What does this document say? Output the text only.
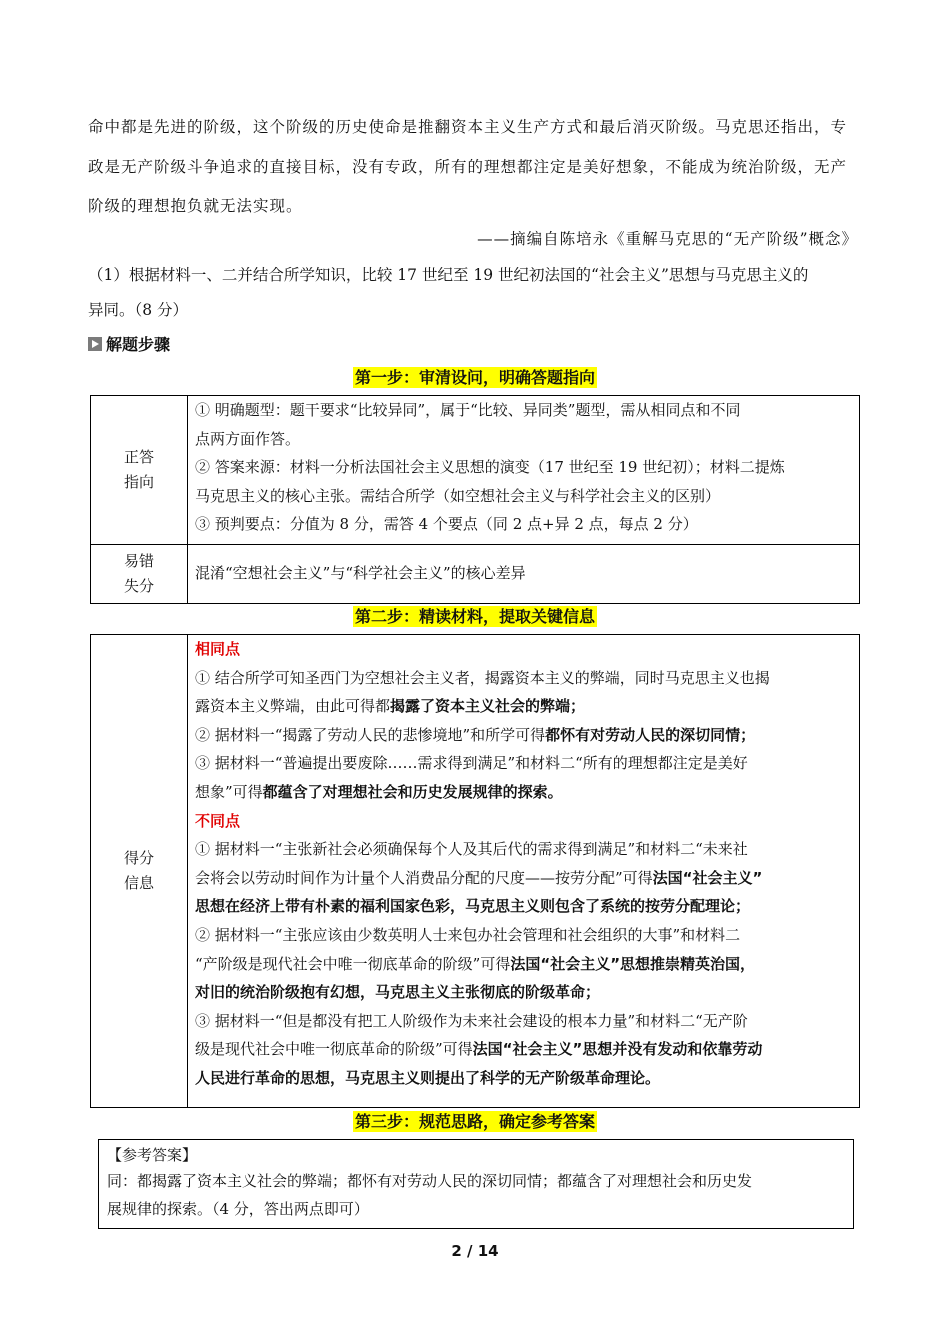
命中都是先进的阶级，这个阶级的历史使命是推翻资本主义生产方式和最后消灭阶级。马克思还指出，专
政是无产阶级斗争追求的直接目标，没有专政，所有的理想都注定是美好想象，不能成为统治阶级，无产
阶级的理想抱负就无法实现。
——摘编自陈培永《重解马克思的“无产阶级”概念》
（1）根据材料一、二并结合所学知识，比较 17 世纪至 19 世纪初法国的“社会主义”思想与马克思主义的
异同。（8 分）
解题步骤
第一步：审清设问，明确答题指向
正答
指向
① 明确题型：题干要求“比较异同”，属于“比较、异同类”题型，需从相同点和不同
点两方面作答。
② 答案来源：材料一分析法国社会主义思想的演变（17 世纪至 19 世纪初）；材料二提炼
马克思主义的核心主张。需结合所学（如空想社会主义与科学社会主义的区别）
③ 预判要点：分值为 8 分，需答 4 个要点（同 2 点+异 2 点，每点 2 分）
易错
失分
混淆“空想社会主义”与“科学社会主义”的核心差异
第二步：精读材料，提取关键信息
得分
信息
相同点
① 结合所学可知圣西门为空想社会主义者，揭露资本主义的弊端，同时马克思主义也揭
露资本主义弊端，由此可得都揭露了资本主义社会的弊端；
② 据材料一“揭露了劳动人民的悲惨境地”和所学可得都怀有对劳动人民的深切同情；
③ 据材料一“普遍提出要废除……需求得到满足”和材料二“所有的理想都注定是美好
想象”可得都蕴含了对理想社会和历史发展规律的探索。
不同点
① 据材料一“主张新社会必须确保每个人及其后代的需求得到满足”和材料二“未来社
会将会以劳动时间作为计量个人消费品分配的尺度——按劳分配”可得法国“社会主义”
思想在经济上带有朴素的福利国家色彩，马克思主义则包含了系统的按劳分配理论；
② 据材料一“主张应该由少数英明人士来包办社会管理和社会组织的大事”和材料二
“产阶级是现代社会中唯一彻底革命的阶级”可得法国“社会主义”思想推崇精英治国，
对旧的统治阶级抱有幻想，马克思主义主张彻底的阶级革命；
③ 据材料一“但是都没有把工人阶级作为未来社会建设的根本力量”和材料二“无产阶
级是现代社会中唯一彻底革命的阶级”可得法国“社会主义”思想并没有发动和依靠劳动
人民进行革命的思想，马克思主义则提出了科学的无产阶级革命理论。
第三步：规范思路，确定参考答案
【参考答案】
同：都揭露了资本主义社会的弊端；都怀有对劳动人民的深切同情；都蕴含了对理想社会和历史发
展规律的探索。（4 分，答出两点即可）
2 / 14
